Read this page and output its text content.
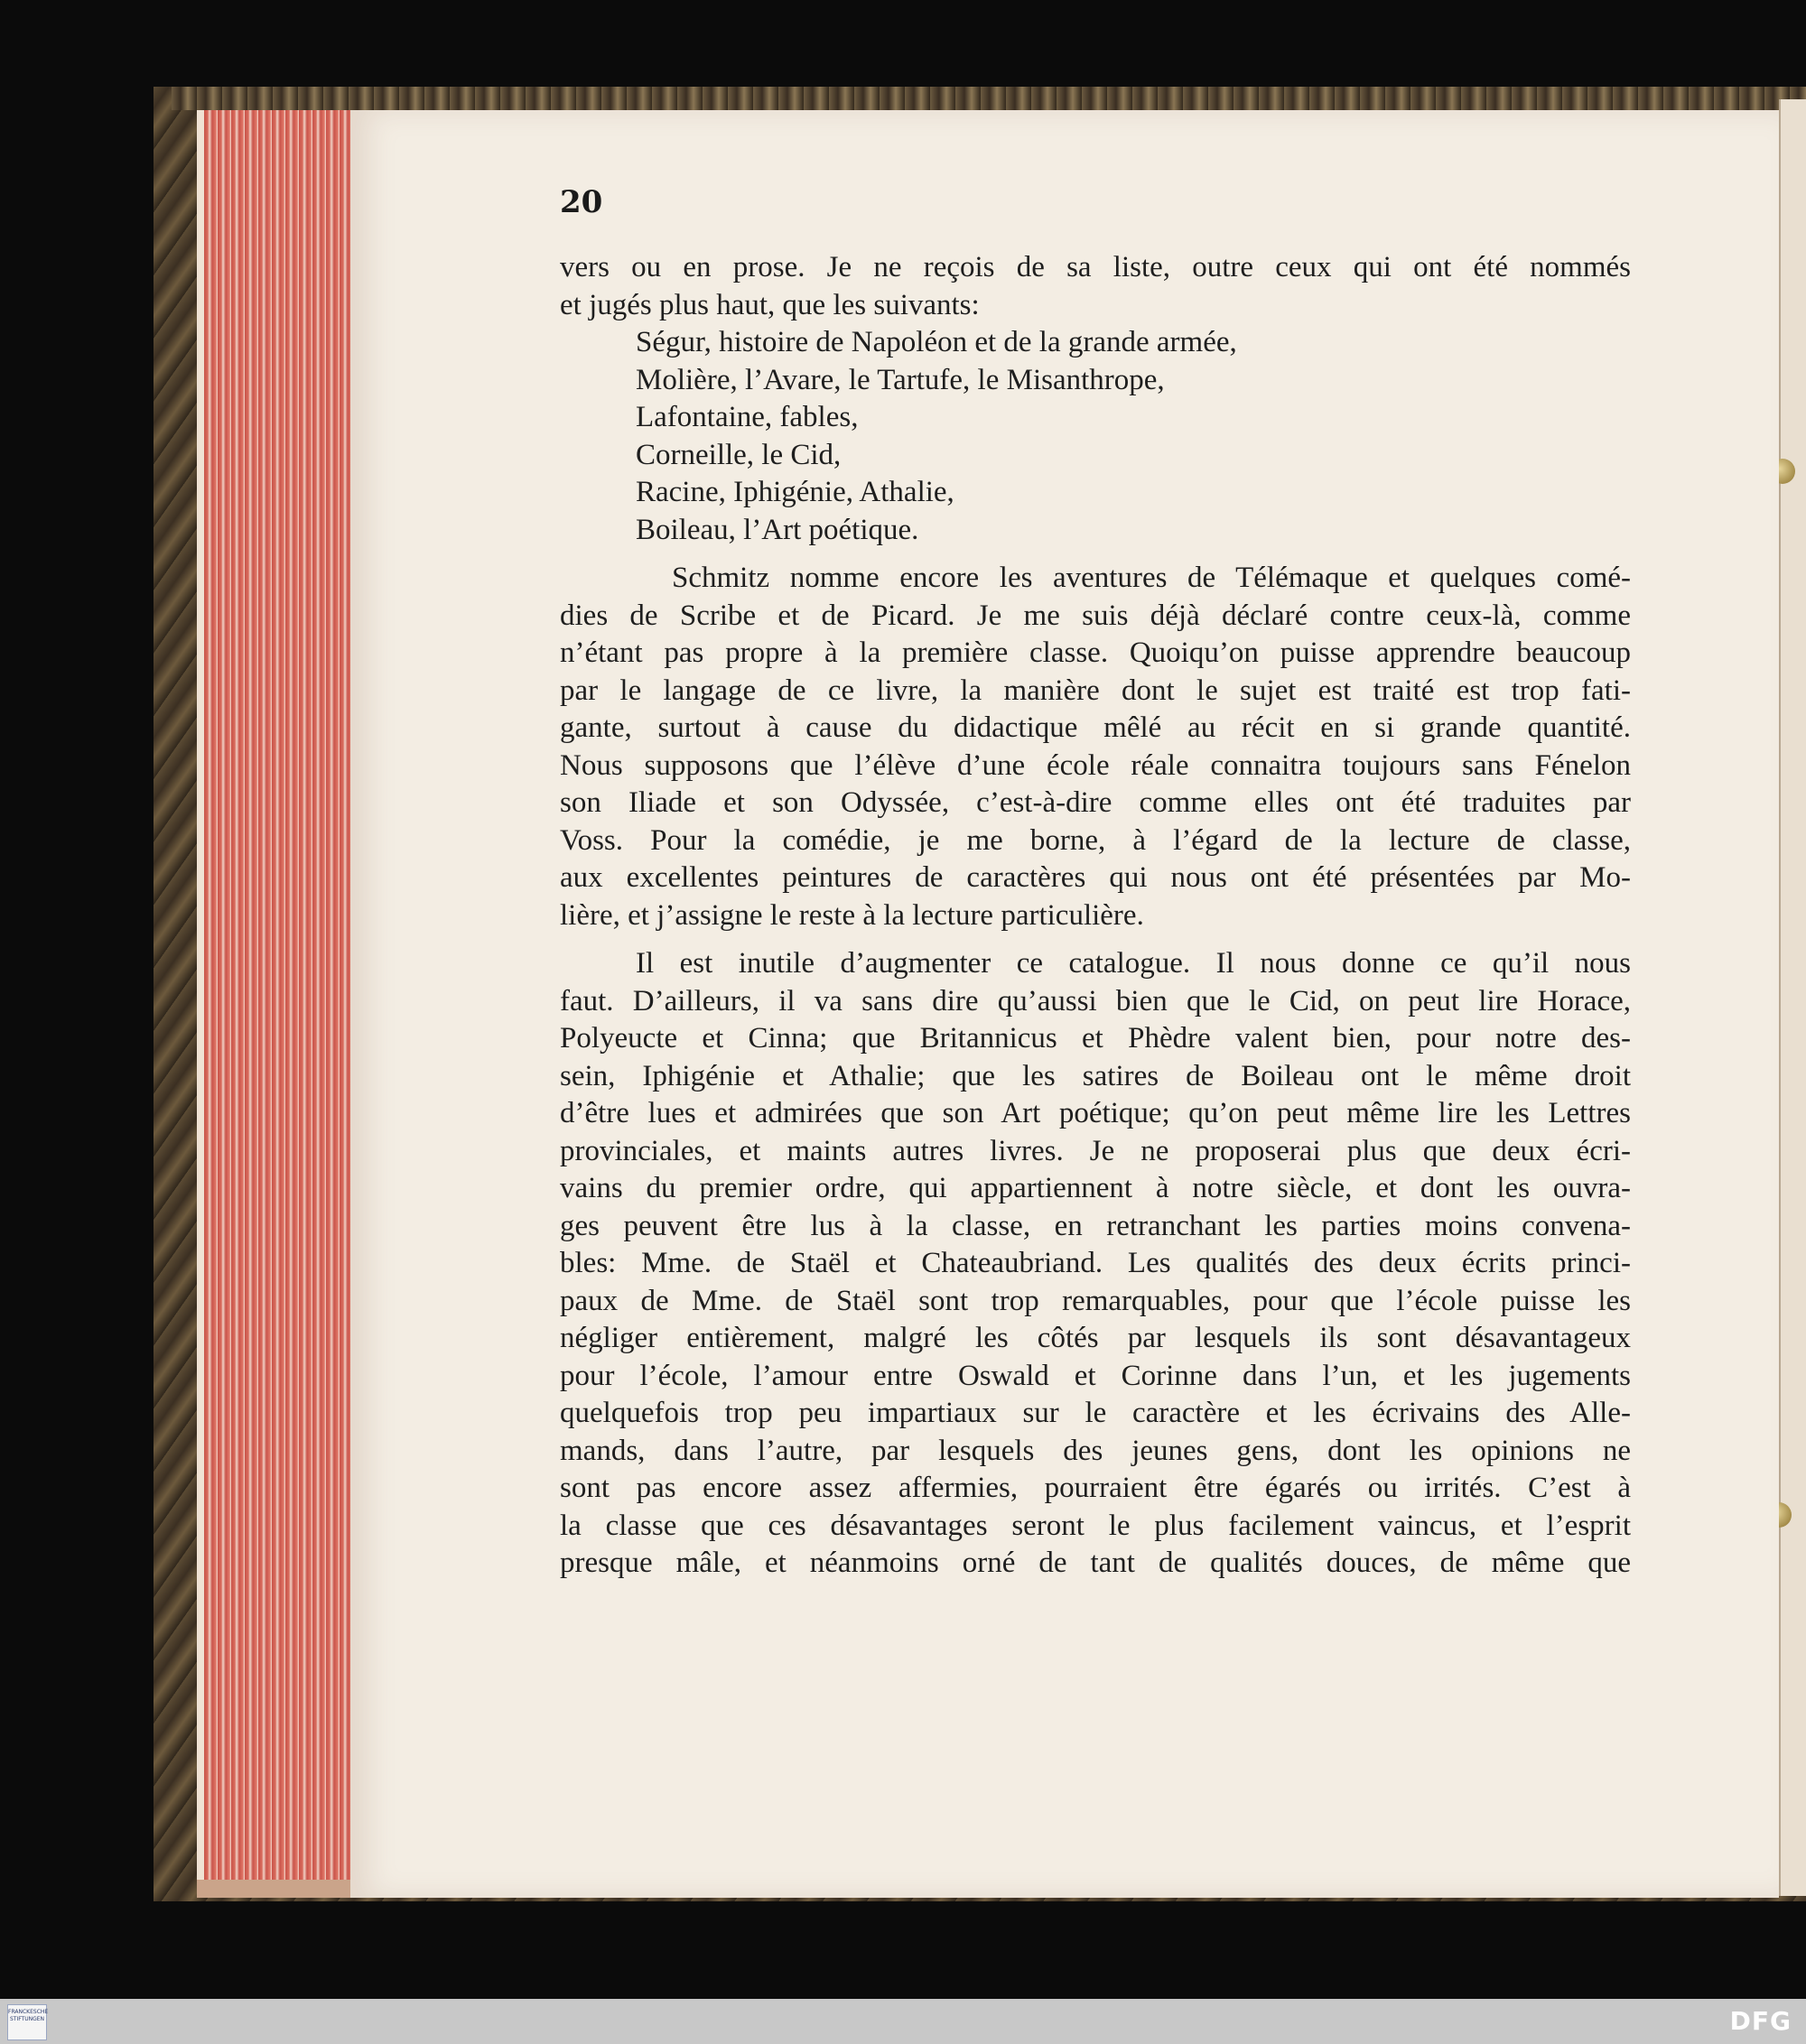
20
vers ou en prose. Je ne reçois de sa liste, outre ceux qui ont été nommés
et jugés plus haut, que les suivants:
Ségur, histoire de Napoléon et de la grande armée,
Molière, l’Avare, le Tartufe, le Misanthrope,
Lafontaine, fables,
Corneille, le Cid,
Racine, Iphigénie, Athalie,
Boileau, l’Art poétique.
Schmitz nomme encore les aventures de Télémaque et quelques comé-
dies de Scribe et de Picard. Je me suis déjà déclaré contre ceux-là, comme
n’étant pas propre à la première classe. Quoiqu’on puisse apprendre beaucoup
par le langage de ce livre, la manière dont le sujet est traité est trop fati-
gante, surtout à cause du didactique mêlé au récit en si grande quantité.
Nous supposons que l’élève d’une école réale connaitra toujours sans Fénelon
son Iliade et son Odyssée, c’est-à-dire comme elles ont été traduites par
Voss. Pour la comédie, je me borne, à l’égard de la lecture de classe,
aux excellentes peintures de caractères qui nous ont été présentées par Mo-
lière, et j’assigne le reste à la lecture particulière.
Il est inutile d’augmenter ce catalogue. Il nous donne ce qu’il nous
faut. D’ailleurs, il va sans dire qu’aussi bien que le Cid, on peut lire Horace,
Polyeucte et Cinna; que Britannicus et Phèdre valent bien, pour notre des-
sein, Iphigénie et Athalie; que les satires de Boileau ont le même droit
d’être lues et admirées que son Art poétique; qu’on peut même lire les Lettres
provinciales, et maints autres livres. Je ne proposerai plus que deux écri-
vains du premier ordre, qui appartiennent à notre siècle, et dont les ouvra-
ges peuvent être lus à la classe, en retranchant les parties moins convena-
bles: Mme. de Staël et Chateaubriand. Les qualités des deux écrits princi-
paux de Mme. de Staël sont trop remarquables, pour que l’école puisse les
négliger entièrement, malgré les côtés par lesquels ils sont désavantageux
pour l’école, l’amour entre Oswald et Corinne dans l’un, et les jugements
quelquefois trop peu impartiaux sur le caractère et les écrivains des Alle-
mands, dans l’autre, par lesquels des jeunes gens, dont les opinions ne
sont pas encore assez affermies, pourraient être égarés ou irrités. C’est à
la classe que ces désavantages seront le plus facilement vaincus, et l’esprit
presque mâle, et néanmoins orné de tant de qualités douces, de même que
FRANCKESCHE
STIFTUNGEN	DFG
